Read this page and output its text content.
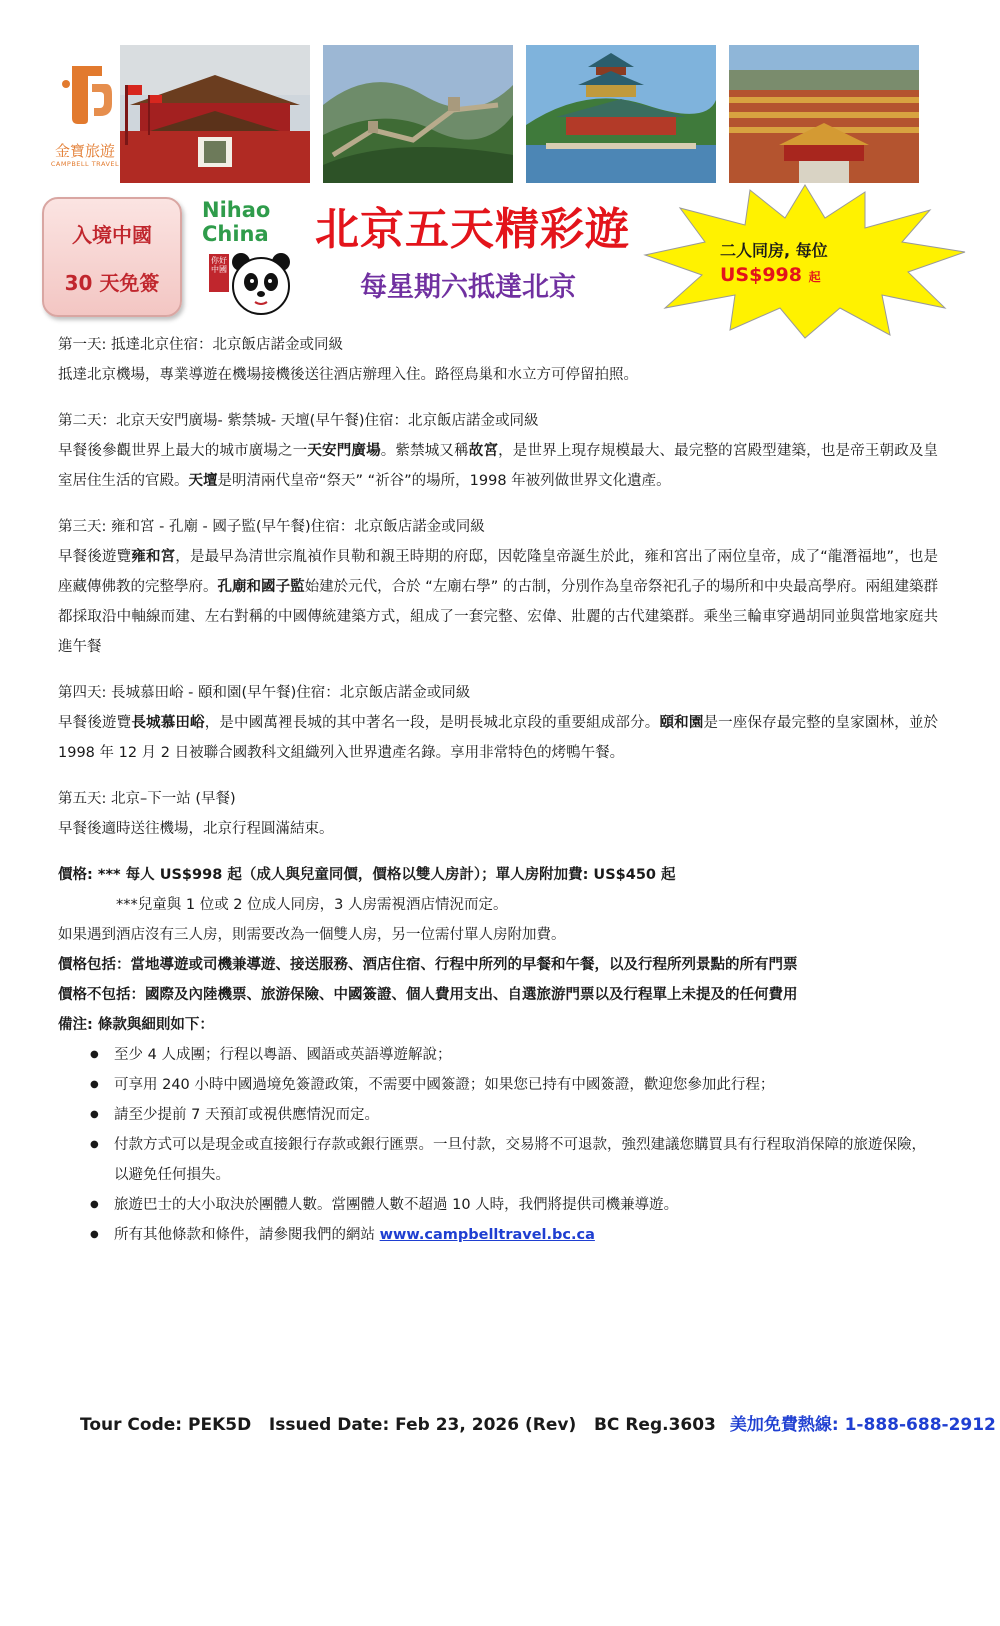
金寶旅遊
CAMPBELL TRAVEL
入境中國
30 天免簽
Nihao
China
你好中國
北京五天精彩遊
每星期六抵達北京
二人同房, 每位
US$998 起
第一天: 抵達北京住宿：北京飯店諾金或同級
抵達北京機場，專業導遊在機場接機後送往酒店辦理入住。路徑鳥巢和水立方可停留拍照。
第二天：北京天安門廣場- 紫禁城- 天壇(早午餐)住宿：北京飯店諾金或同級
早餐後參觀世界上最大的城市廣場之一天安門廣場。紫禁城又稱故宮，是世界上現存規模最大、最完整的宮殿型建築，也是帝王朝政及皇室居住生活的官殿。天壇是明清兩代皇帝“祭天” “祈谷”的場所，1998 年被列做世界文化遺產。
第三天: 雍和宮 - 孔廟 - 國子監(早午餐)住宿：北京飯店諾金或同級
早餐後遊覽雍和宮，是最早為清世宗胤禎作貝勒和親王時期的府邸，因乾隆皇帝誕生於此，雍和宮出了兩位皇帝，成了“龍潛福地”，也是座藏傳佛教的完整學府。孔廟和國子監始建於元代，合於 “左廟右學” 的古制，分別作為皇帝祭祀孔子的場所和中央最高學府。兩組建築群都採取沿中軸線而建、左右對稱的中國傳統建築方式，組成了一套完整、宏偉、壯麗的古代建築群。乘坐三輪車穿過胡同並與當地家庭共進午餐
第四天: 長城慕田峪 - 頤和園(早午餐)住宿：北京飯店諾金或同級
早餐後遊覽長城慕田峪，是中國萬裡長城的其中著名一段，是明長城北京段的重要組成部分。頤和園是一座保存最完整的皇家園林，並於 1998 年 12 月 2 日被聯合國教科文組織列入世界遺產名錄。享用非常特色的烤鴨午餐。
第五天: 北京–下一站 (早餐)
早餐後適時送往機場，北京行程圓滿結束。
價格: *** 每人 US$998 起（成人與兒童同價，價格以雙人房計）；單人房附加費: US$450 起
***兒童與 1 位或 2 位成人同房，3 人房需視酒店情況而定。
如果遇到酒店沒有三人房，則需要改為一個雙人房，另一位需付單人房附加費。
價格包括：當地導遊或司機兼導遊、接送服務、酒店住宿、行程中所列的早餐和午餐，以及行程所列景點的所有門票
價格不包括：國際及內陸機票、旅游保險、中國簽證、個人費用支出、自選旅游門票以及行程單上未提及的任何費用
備注: 條款與細則如下：
● 至少 4 人成團；行程以粵語、國語或英語導遊解說；
● 可享用 240 小時中國過境免簽證政策，不需要中國簽證；如果您已持有中國簽證，歡迎您參加此行程；
● 請至少提前 7 天預訂或視供應情況而定。
● 付款方式可以是現金或直接銀行存款或銀行匯票。一旦付款，交易將不可退款，強烈建議您購買具有行程取消保障的旅遊保險，以避免任何損失。
● 旅遊巴士的大小取決於團體人數。當團體人數不超過 10 人時，我們將提供司機兼導遊。
● 所有其他條款和條件，請參閱我們的網站 www.campbelltravel.bc.ca
Tour Code: PEK5D   Issued Date: Feb 23, 2026 (Rev)   BC Reg.3603 美加免費熱線: 1-888-688-2912
